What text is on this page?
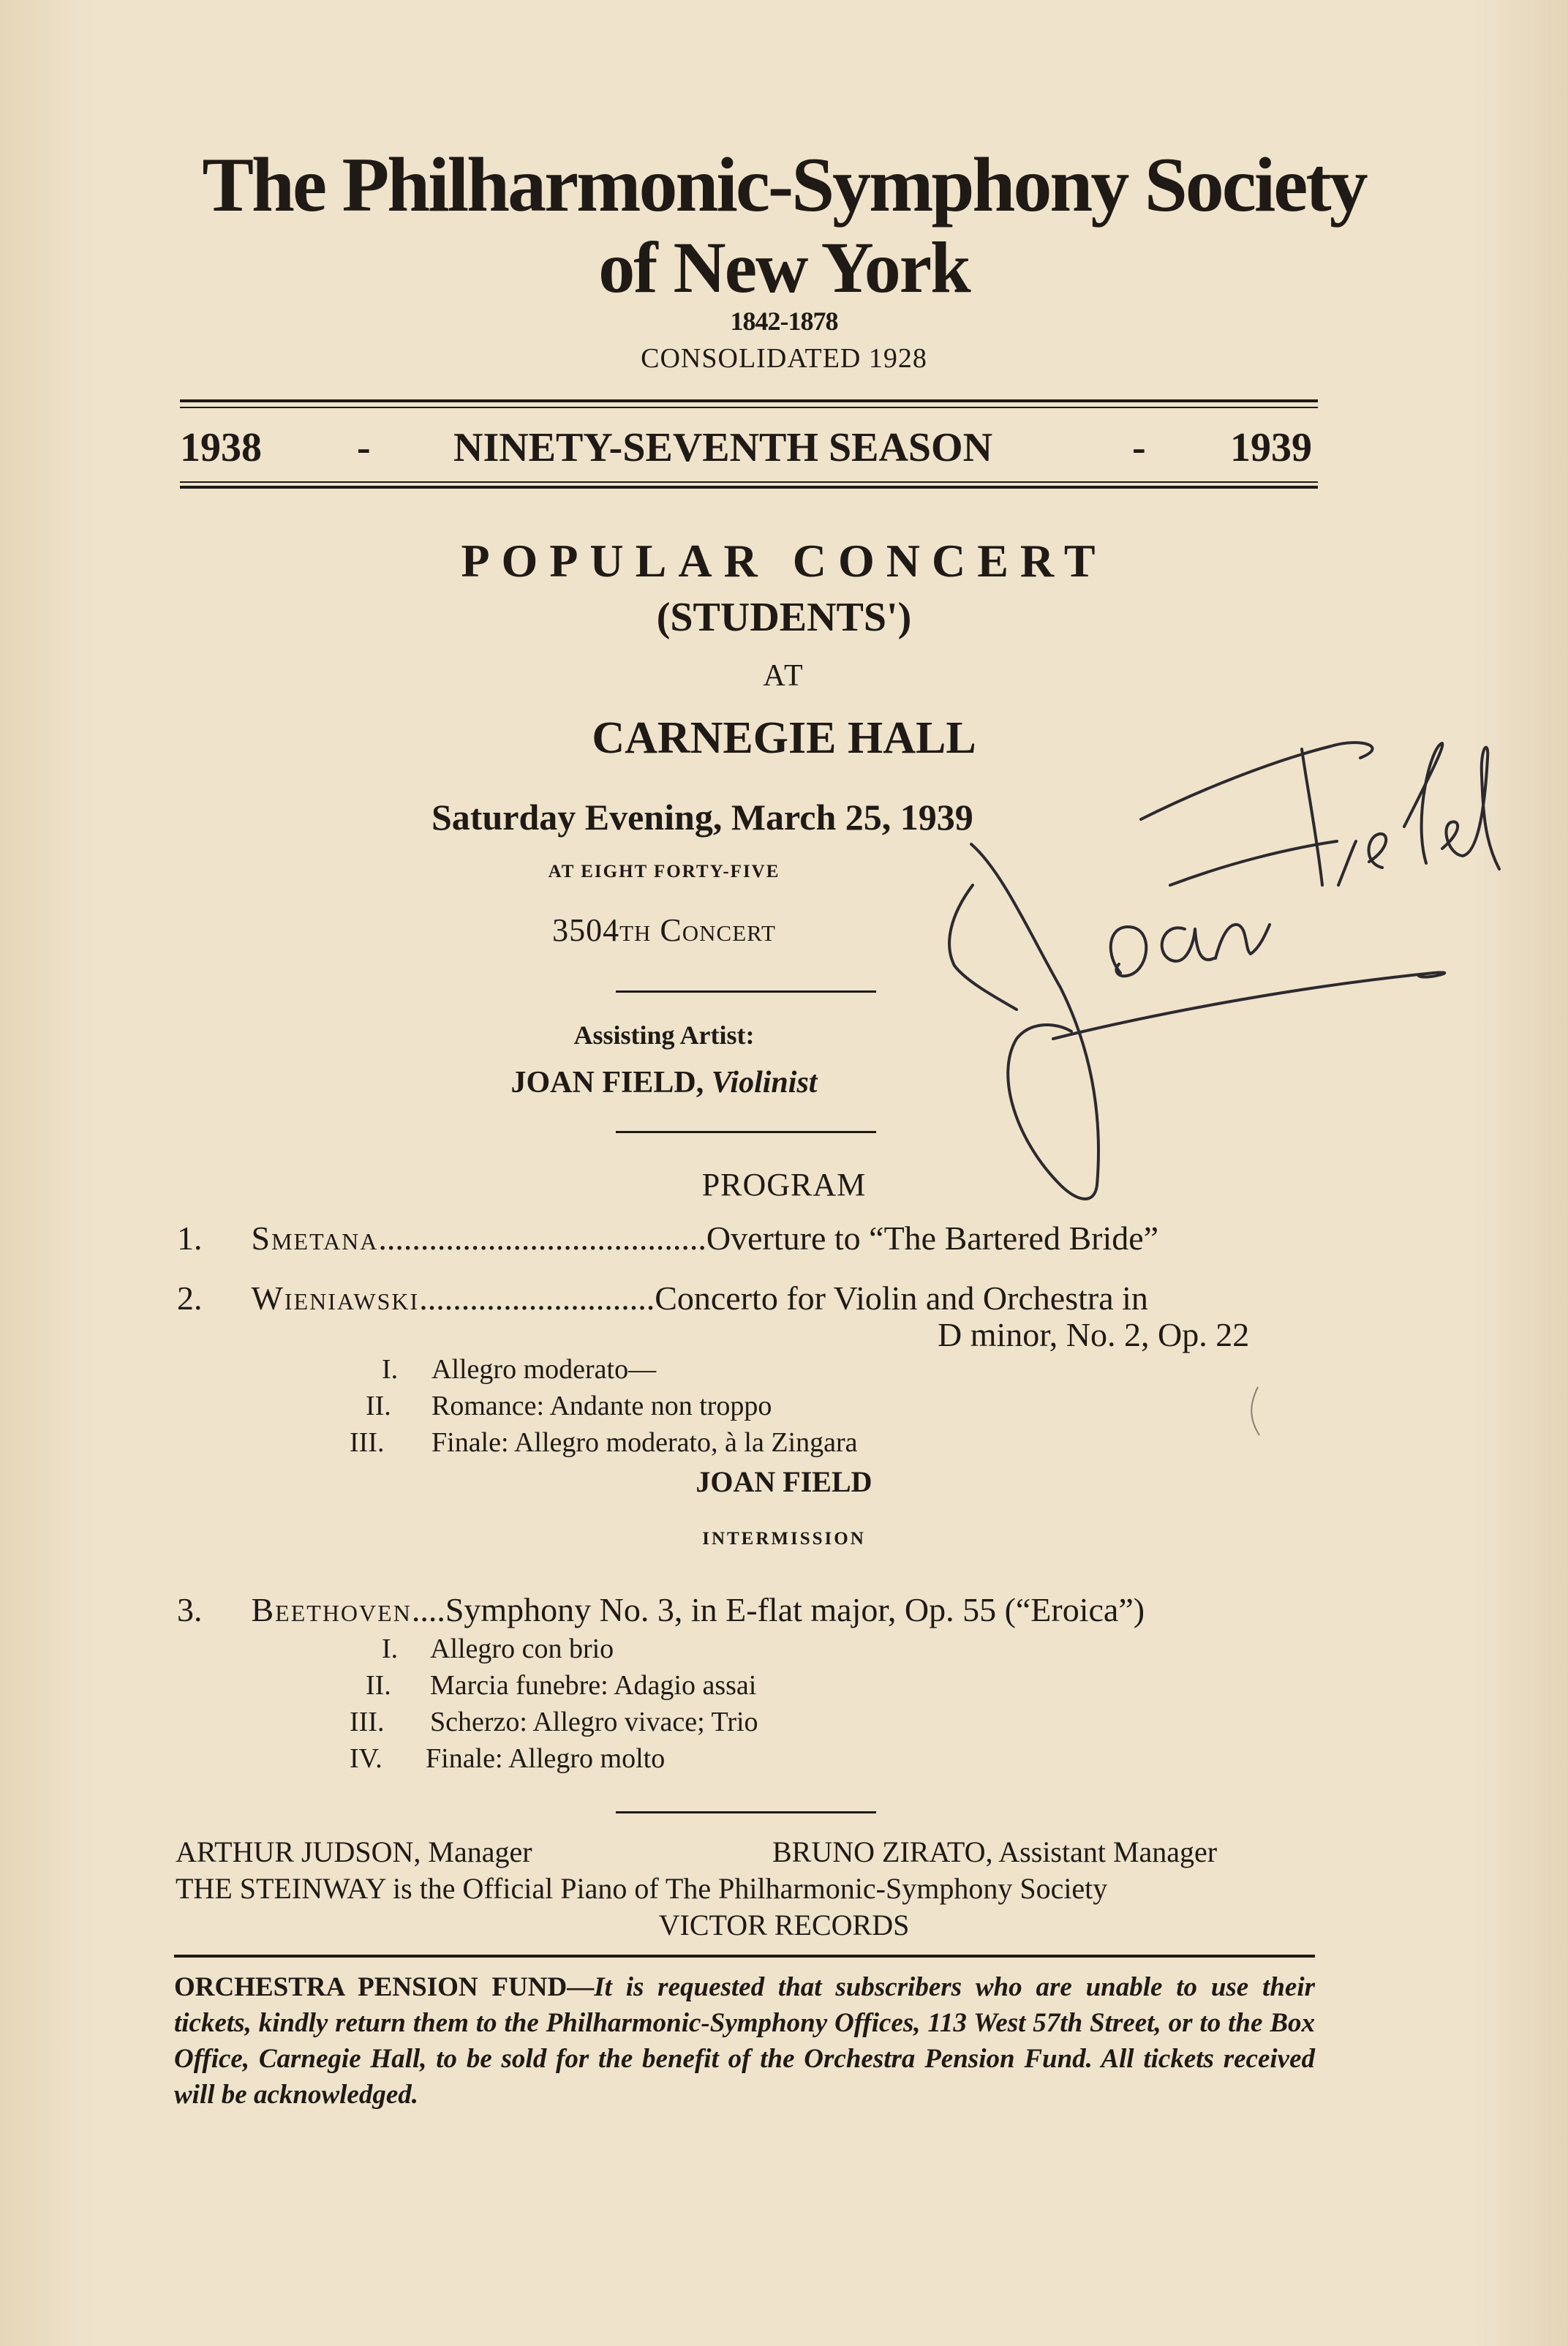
The Philharmonic-Symphony Society
of New York
1842-1878
CONSOLIDATED 1928
1938 - NINETY-SEVENTH SEASON	- 1939
POPULAR CONCERT
(STUDENTS')
AT
CARNEGIE HALL
Saturday Evening, March 25, 1939
AT EIGHT FORTY-FIVE
3504th Concert
Assisting Artist:
JOAN FIELD, Violinist
PROGRAM
1. Smetana.......................................Overture to “The Bartered Bride”
2. Wieniawski............................Concerto for Violin and Orchestra in
D minor, No. 2, Op. 22
I. Allegro moderato—
II. Romance: Andante non troppo
III. Finale: Allegro moderato, à la Zingara
JOAN FIELD
INTERMISSION
3. Beethoven....Symphony No. 3, in E-flat major, Op. 55 (“Eroica”)
I. Allegro con brio
II. Marcia funebre: Adagio assai
III. Scherzo: Allegro vivace; Trio
IV. Finale: Allegro molto
ARTHUR JUDSON, Manager	BRUNO ZIRATO, Assistant Manager
THE STEINWAY is the Official Piano of The Philharmonic-Symphony Society
VICTOR RECORDS
ORCHESTRA PENSION FUND—It is requested that subscribers who are unable to use their tickets, kindly return them to the Philharmonic-Symphony Offices, 113 West 57th Street, or to the Box Office, Carnegie Hall, to be sold for the benefit of the Orchestra Pension Fund. All tickets received will be acknowledged.
